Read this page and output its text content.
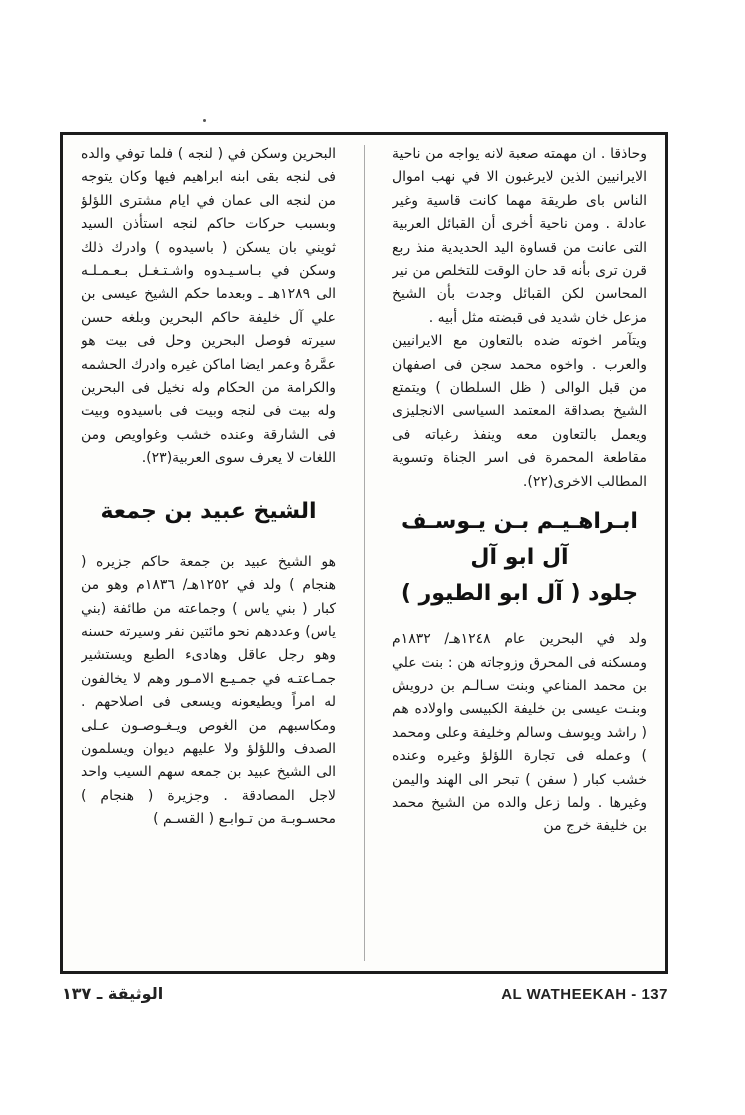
وحاذقا . ان مهمته صعبة لانه يواجه من ناحية الايرانيين الذين لايرغبون الا في نهب اموال الناس باى طريقة مهما كانت قاسية وغير عادلة . ومن ناحية أخرى أن القبائل العربية التى عانت من قساوة اليد الحديدية منذ ربع قرن ترى بأنه قد حان الوقت للتخلص من نير المحاسن لكن القبائل وجدت بأن الشيخ مزعل خان شديد فى قبضته مثل أبيه .

ويتآمر اخوته ضده بالتعاون مع الايرانيين والعرب . واخوه محمد سجن فى اصفهان من قبل الوالى ( ظل السلطان ) ويتمتع الشيخ بصداقة المعتمد السياسى الانجليزى ويعمل بالتعاون معه وينفذ رغباته فى مقاطعة المحمرة فى اسر الجناة وتسوية المطالب الاخرى(٢٢).

ابـراهـيـم بـن يـوسـف
آل ابو آل
جلود ( آل ابو الطيور )

ولد في البحرين عام ١٢٤٨هـ/ ١٨٣٢م ومسكنه فى المحرق وزوجاته هن : بنت علي بن محمد المناعي وبنت سـالـم بن درويش وبنـت عيسى بن خليفة الكبيسى واولاده هم ( راشد ويوسف وسالم وخليفة وعلى ومحمد ) وعمله فى تجارة اللؤلؤ وغيره وعنده خشب كبار ( سفن ) تبحر الى الهند واليمن وغيرها . ولما زعل والده من الشيخ محمد بن خليفة خرج من

البحرين وسكن في ( لنجه ) فلما توفي والده فى لنجه بقى ابنه ابراهيم فيها وكان يتوجه من لنجه الى عمان في ايام مشترى اللؤلؤ وبسبب حركات حاكم لنجه استأذن السيد ثويني بان يسكن ( باسيدوه ) وادرك ذلك وسكن في بـاسـيـدوه واشـتـغـل بـعـمـلـه الى ١٢٨٩هـ ـ وبعدما حكم الشيخ عيسى بن علي آل خليفة حاكم البحرين وبلغه حسن سيرته فوصل البحرين وحل فى بيت هو عمَّرهُ وعمر ايضا اماكن غيره وادرك الحشمه والكرامة من الحكام وله نخيل فى البحرين وله بيت فى لنجه وبيت فى باسيدوه وبيت فى الشارقة وعنده خشب وغواويص ومن اللغات لا يعرف سوى العربية(٢٣).

الشيخ عبيد بن جمعة

هو الشيخ عبيد بن جمعة حاكم جزيره ( هنجام ) ولد في ١٢٥٢هـ/ ١٨٣٦م وهو من كبار ( بني ياس ) وجماعته من طائفة (بني ياس) وعددهم نحو مائتين نفر وسيرته حسنه وهو رجل عاقل وهادىء الطبع ويستشير جمـاعتـه في جمـيـع الامـور وهم لا يخالفون له امراً ويطيعونه ويسعى فى اصلاحهم . ومكاسبهم من الغوص ويـغـوصـون عـلى الصدف واللؤلؤ ولا عليهم ديوان ويسلمون الى الشيخ عبيد بن جمعه سهم السيب واحد لاجل المصادقة . وجزيرة ( هنجام ) محسـوبـة من تـوابـع ( القسـم )

الوثيقة ـ ١٣٧	AL WATHEEKAH - 137
